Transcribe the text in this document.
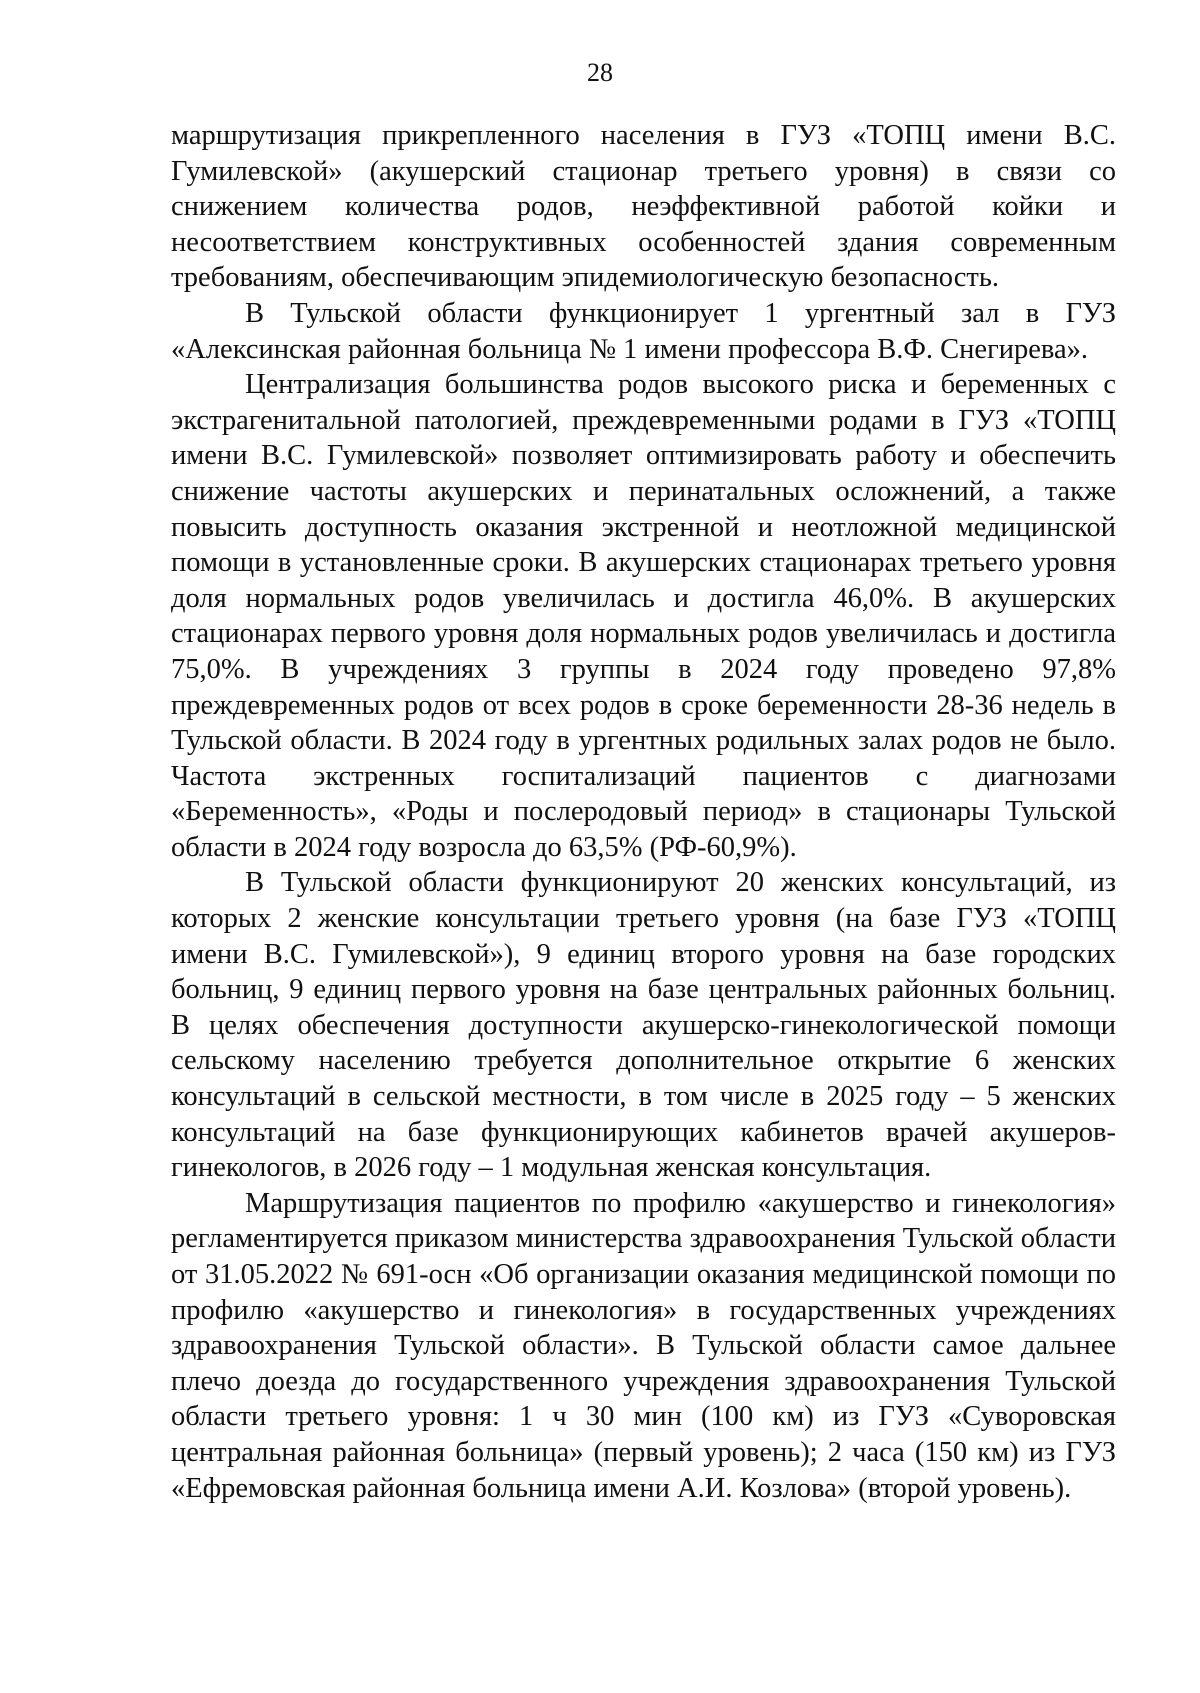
28

маршрутизация прикрепленного населения в ГУЗ «ТОПЦ имени В.С. Гумилевской» (акушерский стационар третьего уровня) в связи со снижением количества родов, неэффективной работой койки и несоответствием конструктивных особенностей здания современным требованиям, обеспечивающим эпидемиологическую безопасность.

В Тульской области функционирует 1 ургентный зал в ГУЗ «Алексинская районная больница № 1 имени профессора В.Ф. Снегирева».

Централизация большинства родов высокого риска и беременных с экстрагенитальной патологией, преждевременными родами в ГУЗ «ТОПЦ имени В.С. Гумилевской» позволяет оптимизировать работу и обеспечить снижение частоты акушерских и перинатальных осложнений, а также повысить доступность оказания экстренной и неотложной медицинской помощи в установленные сроки. В акушерских стационарах третьего уровня доля нормальных родов увеличилась и достигла 46,0%. В акушерских стационарах первого уровня доля нормальных родов увеличилась и достигла 75,0%. В учреждениях 3 группы в 2024 году проведено 97,8% преждевременных родов от всех родов в сроке беременности 28-36 недель в Тульской области. В 2024 году в ургентных родильных залах родов не было. Частота экстренных госпитализаций пациентов с диагнозами «Беременность», «Роды и послеродовый период» в стационары Тульской области в 2024 году возросла до 63,5% (РФ-60,9%).

В Тульской области функционируют 20 женских консультаций, из которых 2 женские консультации третьего уровня (на базе ГУЗ «ТОПЦ имени В.С. Гумилевской»), 9 единиц второго уровня на базе городских больниц, 9 единиц первого уровня на базе центральных районных больниц. В целях обеспечения доступности акушерско-гинекологической помощи сельскому населению требуется дополнительное открытие 6 женских консультаций в сельской местности, в том числе в 2025 году – 5 женских консультаций на базе функционирующих кабинетов врачей акушеров-гинекологов, в 2026 году – 1 модульная женская консультация.

Маршрутизация пациентов по профилю «акушерство и гинекология» регламентируется приказом министерства здравоохранения Тульской области от 31.05.2022 № 691-осн «Об организации оказания медицинской помощи по профилю «акушерство и гинекология» в государственных учреждениях здравоохранения Тульской области». В Тульской области самое дальнее плечо доезда до государственного учреждения здравоохранения Тульской области третьего уровня: 1 ч 30 мин (100 км) из ГУЗ «Суворовская центральная районная больница» (первый уровень); 2 часа (150 км) из ГУЗ «Ефремовская районная больница имени А.И. Козлова» (второй уровень).
